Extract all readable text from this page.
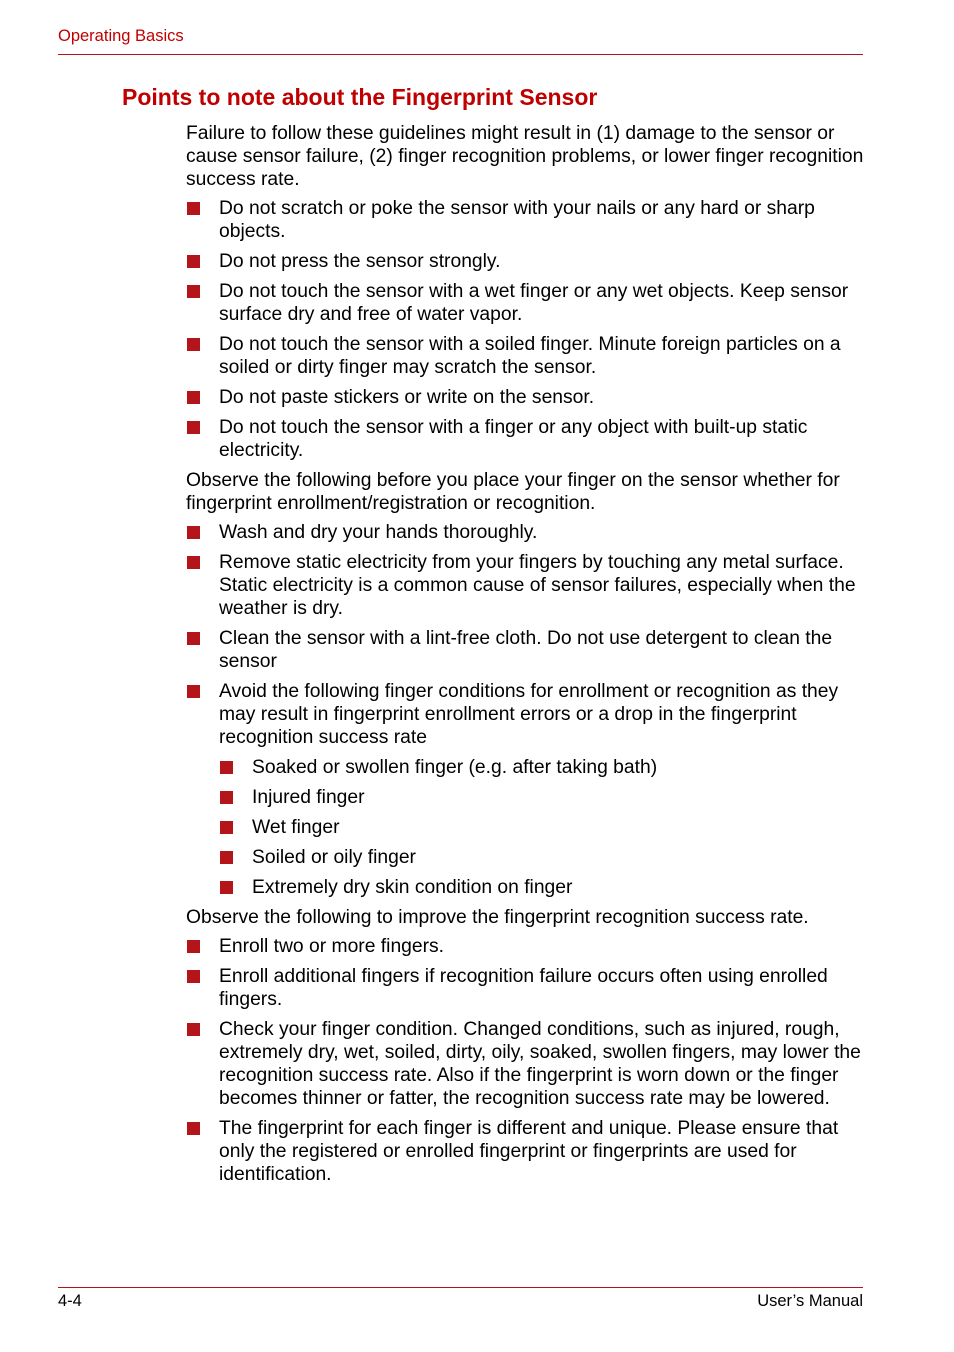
Operating Basics
Points to note about the Fingerprint Sensor

Failure to follow these guidelines might result in (1) damage to the sensor or cause sensor failure, (2) finger recognition problems, or lower finger recognition success rate.

Do not scratch or poke the sensor with your nails or any hard or sharp objects.
Do not press the sensor strongly.
Do not touch the sensor with a wet finger or any wet objects. Keep sensor surface dry and free of water vapor.
Do not touch the sensor with a soiled finger. Minute foreign particles on a soiled or dirty finger may scratch the sensor.
Do not paste stickers or write on the sensor.
Do not touch the sensor with a finger or any object with built-up static electricity.

Observe the following before you place your finger on the sensor whether for fingerprint enrollment/registration or recognition.

Wash and dry your hands thoroughly.
Remove static electricity from your fingers by touching any metal surface. Static electricity is a common cause of sensor failures, especially when the weather is dry.
Clean the sensor with a lint-free cloth. Do not use detergent to clean the sensor
Avoid the following finger conditions for enrollment or recognition as they may result in fingerprint enrollment errors or a drop in the fingerprint recognition success rate
Soaked or swollen finger (e.g. after taking bath)
Injured finger
Wet finger
Soiled or oily finger
Extremely dry skin condition on finger

Observe the following to improve the fingerprint recognition success rate.

Enroll two or more fingers.
Enroll additional fingers if recognition failure occurs often using enrolled fingers.
Check your finger condition. Changed conditions, such as injured, rough, extremely dry, wet, soiled, dirty, oily, soaked, swollen fingers, may lower the recognition success rate. Also if the fingerprint is worn down or the finger becomes thinner or fatter, the recognition success rate may be lowered.
The fingerprint for each finger is different and unique. Please ensure that only the registered or enrolled fingerprint or fingerprints are used for identification.
4-4	User’s Manual
